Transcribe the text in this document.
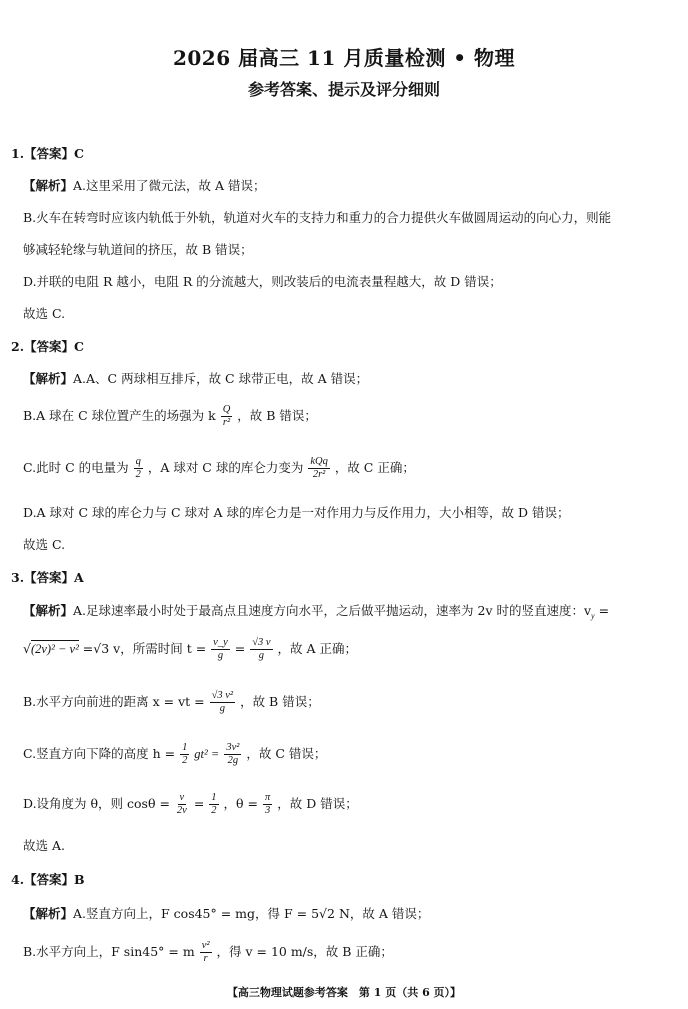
2026 届高三 11 月质量检测 • 物理
参考答案、提示及评分细则
1.【答案】C
【解析】A.这里采用了微元法，故 A 错误；
B.火车在转弯时应该内轨低于外轨，轨道对火车的支持力和重力的合力提供火车做圆周运动的向心力，则能
够减轻轮缘与轨道间的挤压，故 B 错误；
D.并联的电阻 R 越小，电阻 R 的分流越大，则改装后的电流表量程越大，故 D 错误；
故选 C.
2.【答案】C
【解析】A.A、C 两球相互排斥，故 C 球带正电，故 A 错误；
B.A 球在 C 球位置产生的场强为 k $\frac{Q}{\text{r²}}$ ，故 B 错误；
C.此时 C 的电量为 $\frac{q}{2}$ ，A 球对 C 球的库仑力变为 $\frac{\text{kQq}}{\text{2r²}}$ ，故 C 正确；
D.A 球对 C 球的库仑力与 C 球对 A 球的库仑力是一对作用力与反作用力，大小相等，故 D 错误；
故选 C.
3.【答案】A
【解析】A.足球速率最小时处于最高点且速度方向水平，之后做平抛运动，速率为 2v 时的竖直速度：$v_y$ =
√(2v)² − v² =√3 v，所需时间 $t = \frac{v\_y}{g} = \frac{√3 v}{g}$ ，故 A 正确；
B.水平方向前进的距离 x = vt = $\frac{\text{√3 v²}}{g}$ ，故 B 错误；
C.竖直方向下降的高度 $h = \frac{1}{2} gt^2 = \frac{\text{3v²}}{2g}$ ，故 C 错误；
D.设角度为 θ，则 $\cos\theta = \frac{v}{2v} = \frac{1}{2}$ ，$\theta = \frac{\pi}{3}$ ，故 D 错误；
故选 A.
4.【答案】B
【解析】A.竖直方向上，F cos45° = mg，得 F = 5√2 N，故 A 错误；
B.水平方向上，F sin45° = m $\frac{\text{v²}}{r}$ ，得 v = 10 m/s，故 B 正确；
【高三物理试题参考答案　第 1 页（共 6 页）】
